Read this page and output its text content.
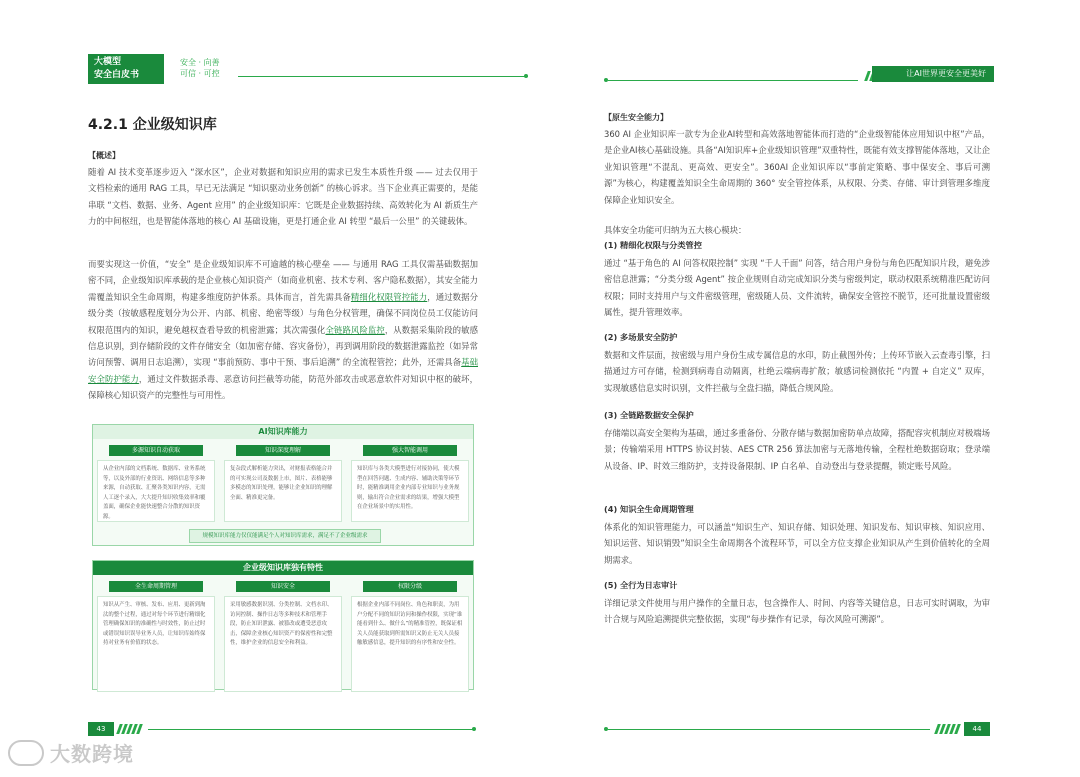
大模型
安全白皮书
安全 · 向善
可信 · 可控
4.2.1 企业级知识库
【概述】

随着 AI 技术变革逐步迈入 “深水区”，企业对数据和知识应用的需求已发生本质性升级 —— 过去仅用于文档检索的通用 RAG 工具，早已无法满足 “知识驱动业务创新” 的核心诉求。当下企业真正需要的，是能串联 “文档、数据、业务、Agent 应用” 的企业级知识库：它既是企业数据持续、高效转化为 AI 新质生产力的中间枢纽，也是智能体落地的核心 AI 基础设施，更是打通企业 AI 转型 “最后一公里” 的关键载体。

而要实现这一价值，“安全” 是企业级知识库不可逾越的核心壁垒 —— 与通用 RAG 工具仅需基础数据加密不同，企业级知识库承载的是企业核心知识资产（如商业机密、技术专利、客户隐私数据），其安全能力需覆盖知识全生命周期，构建多维度防护体系。具体而言，首先需具备精细化权限管控能力，通过数据分级分类（按敏感程度划分为公开、内部、机密、绝密等级）与角色分权管理，确保不同岗位员工仅能访问权限范围内的知识，避免越权查看导致的机密泄露；其次需强化全链路风险监控，从数据采集阶段的敏感信息识别，到存储阶段的文件存储安全（如加密存储、容灾备份），再到调用阶段的数据泄露监控（如异常访问预警、调用日志追溯），实现 “事前预防、事中干预、事后追溯” 的全流程管控；此外，还需具备基础安全防护能力，通过文件数据杀毒、恶意访问拦截等功能，防范外部攻击或恶意软件对知识中枢的破坏，保障核心知识资产的完整性与可用性。

AI知识库能力
多源知识自动获取
从企业内部的文档系统、数据库、业务系统等，以及外部的行业资讯、网络信息等多种来源，自动获取、汇聚各类知识内容，无需人工逐个录入，大大提升知识收集效率和覆盖面，确保企业能快速整合分散的知识资源。
知识深度理解
复杂段式解析能力突出，对财报表格能合并的可实现公司及数据上市，图片、表格能够多模态的知识处理，能够让企业知识的理解全面、精准更完备。
强大智能调用
知识库与各类大模型进行对接协同，使大模型在回答问题、生成内容、辅助决策等环节时，能精准调用企业内部专业知识与业务规则，输出符合企业需求的结果，增强大模型在企业场景中的实用性。
规模知识库能力仅仅能满足个人对知识库需求，满足不了企业级需求
企业级知识库独有特性
全生命周期管理
知识从产生、审核、发布、应用、更新到淘汰的整个过程，通过对每个环节进行精细化管理确保知识的准确性与时效性，防止过时或错误知识误导业务人员，让知识库始终保持对业务有价值的状态。
知识安全
采用敏感数据识别、分类控制、文档水印、访问控制、操作日志等多种技术和管理手段，防止知识泄露、被篡改或遭受恶意攻击，保障企业核心知识资产的保密性和完整性，维护企业的信息安全和利益。
权限分级
根据企业内部不同岗位、角色和职责，为用户分配不同的知识访问和操作权限，实现“谁能看到什么、做什么”的精准管控，既保证相关人员能获取到所需知识又防止无关人员接触敏感信息，提升知识的有序性和安全性。
43
让AI世界更安全更美好
【原生安全能力】

360 AI 企业知识库一款专为企业AI转型和高效落地智能体而打造的“企业级智能体应用知识中枢”产品，是企业AI核心基础设施。具备“AI知识库+企业级知识管理”双重特性，既能有效支撑智能体落地，又让企业知识管理“不混乱、更高效、更安全”。360AI 企业知识库以“事前定策略、事中保安全、事后可溯源”为核心，构建覆盖知识全生命周期的 360° 安全管控体系，从权限、分类、存储、审计到管理多维度保障企业知识安全。

具体安全功能可归纳为五大核心模块：

(1) 精细化权限与分类管控

通过 “基于角色的 AI 问答权限控制” 实现 “千人千面” 问答，结合用户身份与角色匹配知识片段，避免涉密信息泄露；“分类分级 Agent” 按企业规则自动完成知识分类与密级判定，联动权限系统精准匹配访问权限；同时支持用户与文件密级管理，密级随人员、文件流转，确保安全管控不脱节，还可批量设置密级属性，提升管理效率。

(2) 多场景安全防护

数据和文件层面，按密级与用户身份生成专属信息的水印，防止截图外传；上传环节嵌入云查毒引擎，扫描通过方可存储，检测到病毒自动隔离，杜绝云端病毒扩散；敏感词检测依托 “内置 + 自定义” 双库，实现敏感信息实时识别，文件拦截与全盘扫描，降低合规风险。

(3) 全链路数据安全保护

存储端以高安全架构为基础，通过多重备份、分散存储与数据加密防单点故障，搭配容灾机制应对极端场景；传输端采用 HTTPS 协议封装、AES CTR 256 算法加密与无落地传输，全程杜绝数据窃取；登录端从设备、IP、时效三维防护，支持设备限制、IP 白名单、自动登出与登录提醒，锁定账号风险。

(4) 知识全生命周期管理

体系化的知识管理能力，可以涵盖“知识生产、知识存储、知识处理、知识发布、知识审核、知识应用、知识运营、知识销毁”知识全生命周期各个流程环节，可以全方位支撑企业知识从产生到价值转化的全周期需求。

(5) 全行为日志审计

详细记录文件使用与用户操作的全量日志，包含操作人、时间、内容等关键信息，日志可实时调取，为审计合规与风险追溯提供完整依据，实现“每步操作有记录，每次风险可溯源”。

44
大数跨境
